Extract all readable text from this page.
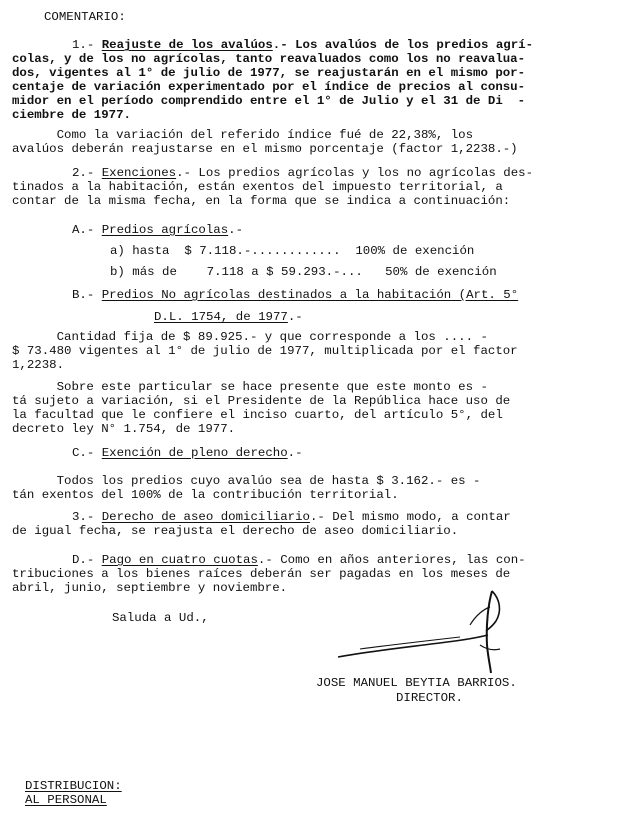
COMENTARIO:
1.- Reajuste de los avalúos.- Los avalúos de los predios agrí-
colas, y de los no agrícolas, tanto reavaluados como los no reavalua-
dos, vigentes al 1° de julio de 1977, se reajustarán en el mismo por-
centaje de variación experimentado por el índice de precios al consu-
midor en el período comprendido entre el 1° de Julio y el 31 de Di  -
ciembre de 1977.
Como la variación del referido índice fué de 22,38%, los
avalúos deberán reajustarse en el mismo porcentaje (factor 1,2238.-)
2.- Exenciones.- Los predios agrícolas y los no agrícolas des-
tinados a la habitación, están exentos del impuesto territorial, a
contar de la misma fecha, en la forma que se indica a continuación:
A.- Predios agrícolas.-
a) hasta  $ 7.118.-............  100% de exención
b) más de    7.118 a $ 59.293.-...   50% de exención
B.- Predios No agrícolas destinados a la habitación (Art. 5°
D.L. 1754, de 1977.-
Cantidad fija de $ 89.925.- y que corresponde a los .... -
$ 73.480 vigentes al 1° de julio de 1977, multiplicada por el factor
1,2238.
Sobre este particular se hace presente que este monto es -
tá sujeto a variación, si el Presidente de la República hace uso de
la facultad que le confiere el inciso cuarto, del artículo 5°, del
decreto ley N° 1.754, de 1977.
C.- Exención de pleno derecho.-
Todos los predios cuyo avalúo sea de hasta $ 3.162.- es -
tán exentos del 100% de la contribución territorial.
3.- Derecho de aseo domiciliario.- Del mismo modo, a contar
de igual fecha, se reajusta el derecho de aseo domiciliario.
D.- Pago en cuatro cuotas.- Como en años anteriores, las con-
tribuciones a los bienes raíces deberán ser pagadas en los meses de
abril, junio, septiembre y noviembre.
Saluda a Ud.,
JOSE MANUEL BEYTIA BARRIOS.
DIRECTOR.
DISTRIBUCION:
AL PERSONAL
